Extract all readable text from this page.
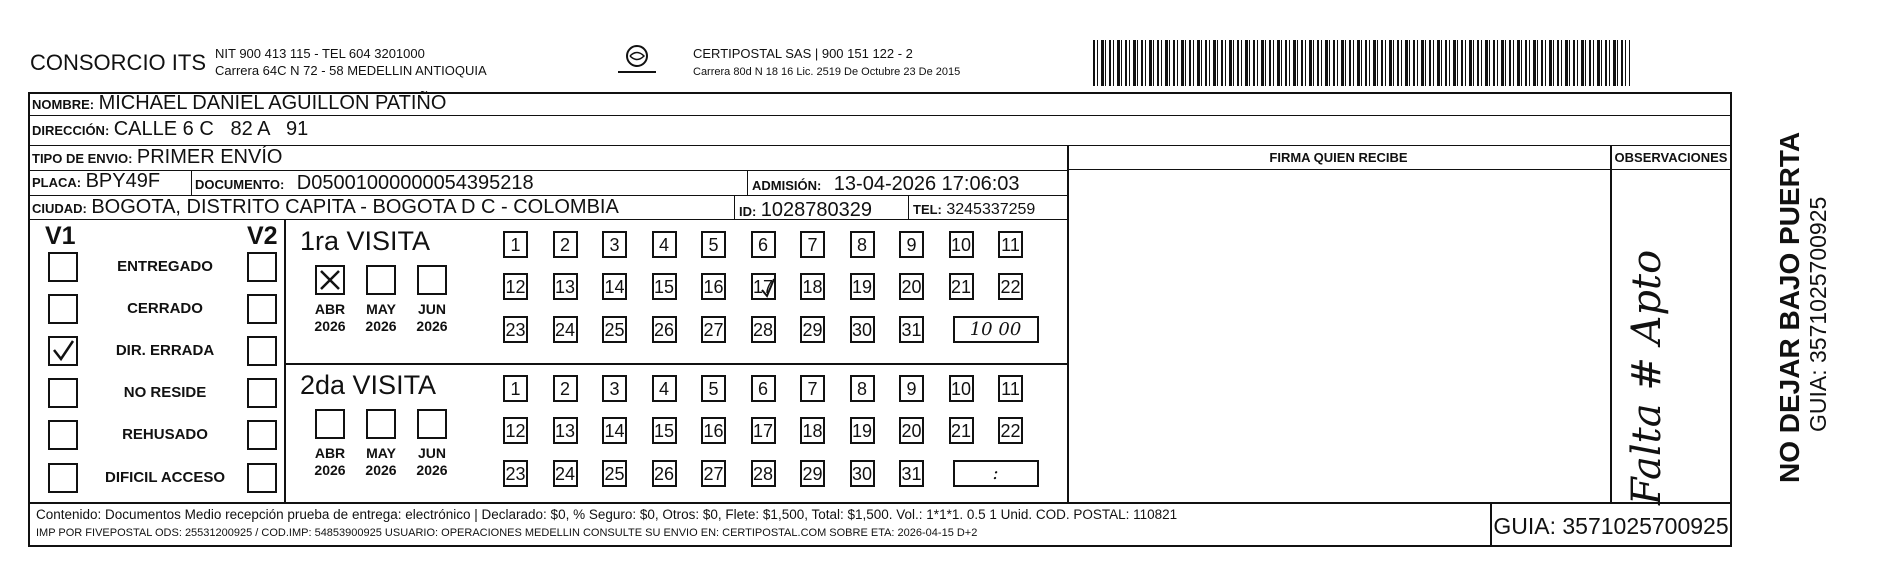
CONSORCIO ITS NIT 900 413 115 - TEL 604 3201000
Carrera 64C N 72 - 58 MEDELLIN ANTIOQUIA
CERTIPOSTAL SAS | 900 151 122 - 2
Carrera 80d N 18 16 Lic. 2519 De Octubre 23 De 2015
NOMBRE: MICHAEL DANIEL AGUILLON PATIÑO
DIRECCIÓN: CALLE 6 C   82 A   91
TIPO DE ENVIO: PRIMER ENVÍO
PLACA: BPY49F	DOCUMENTO: D05001000000054395218	ADMISIÓN: 13-04-2026 17:06:03
CIUDAD: BOGOTA, DISTRITO CAPITA - BOGOTA D C - COLOMBIA	ID: 1028780329	TEL: 3245337259
FIRMA QUIEN RECIBE	OBSERVACIONES
Falta # Apto
V1	V2
ENTREGADO
CERRADO
DIR. ERRADA
NO RESIDE
REHUSADO
DIFICIL ACCESO
1ra VISITA
2da VISITA
ABR
2026
MAY
2026
JUN
2026
1	2	3	4	5	6	7	8	9	10 11
12 13 14 15 16 17 18 19 20 21 22
23 24 25 26 27 28 29 30 31	10 00
ABR
2026
MAY
2026
JUN
2026
1	2	3	4	5	6	7	8	9	10 11
12 13 14 15 16 17 18 19 20 21 22
23 24 25 26 27 28 29 30 31	:
Contenido: Documentos Medio recepción prueba de entrega: electrónico | Declarado: $0, % Seguro: $0, Otros: $0, Flete: $1,500, Total: $1,500. Vol.: 1*1*1. 0.5 1 Unid. COD. POSTAL: 110821
IMP POR FIVEPOSTAL ODS: 25531200925 / COD.IMP: 54853900925 USUARIO: OPERACIONES MEDELLIN CONSULTE SU ENVIO EN: CERTIPOSTAL.COM SOBRE ETA: 2026-04-15 D+2	GUIA: 3571025700925
NO DEJAR BAJO PUERTA GUIA: 3571025700925
